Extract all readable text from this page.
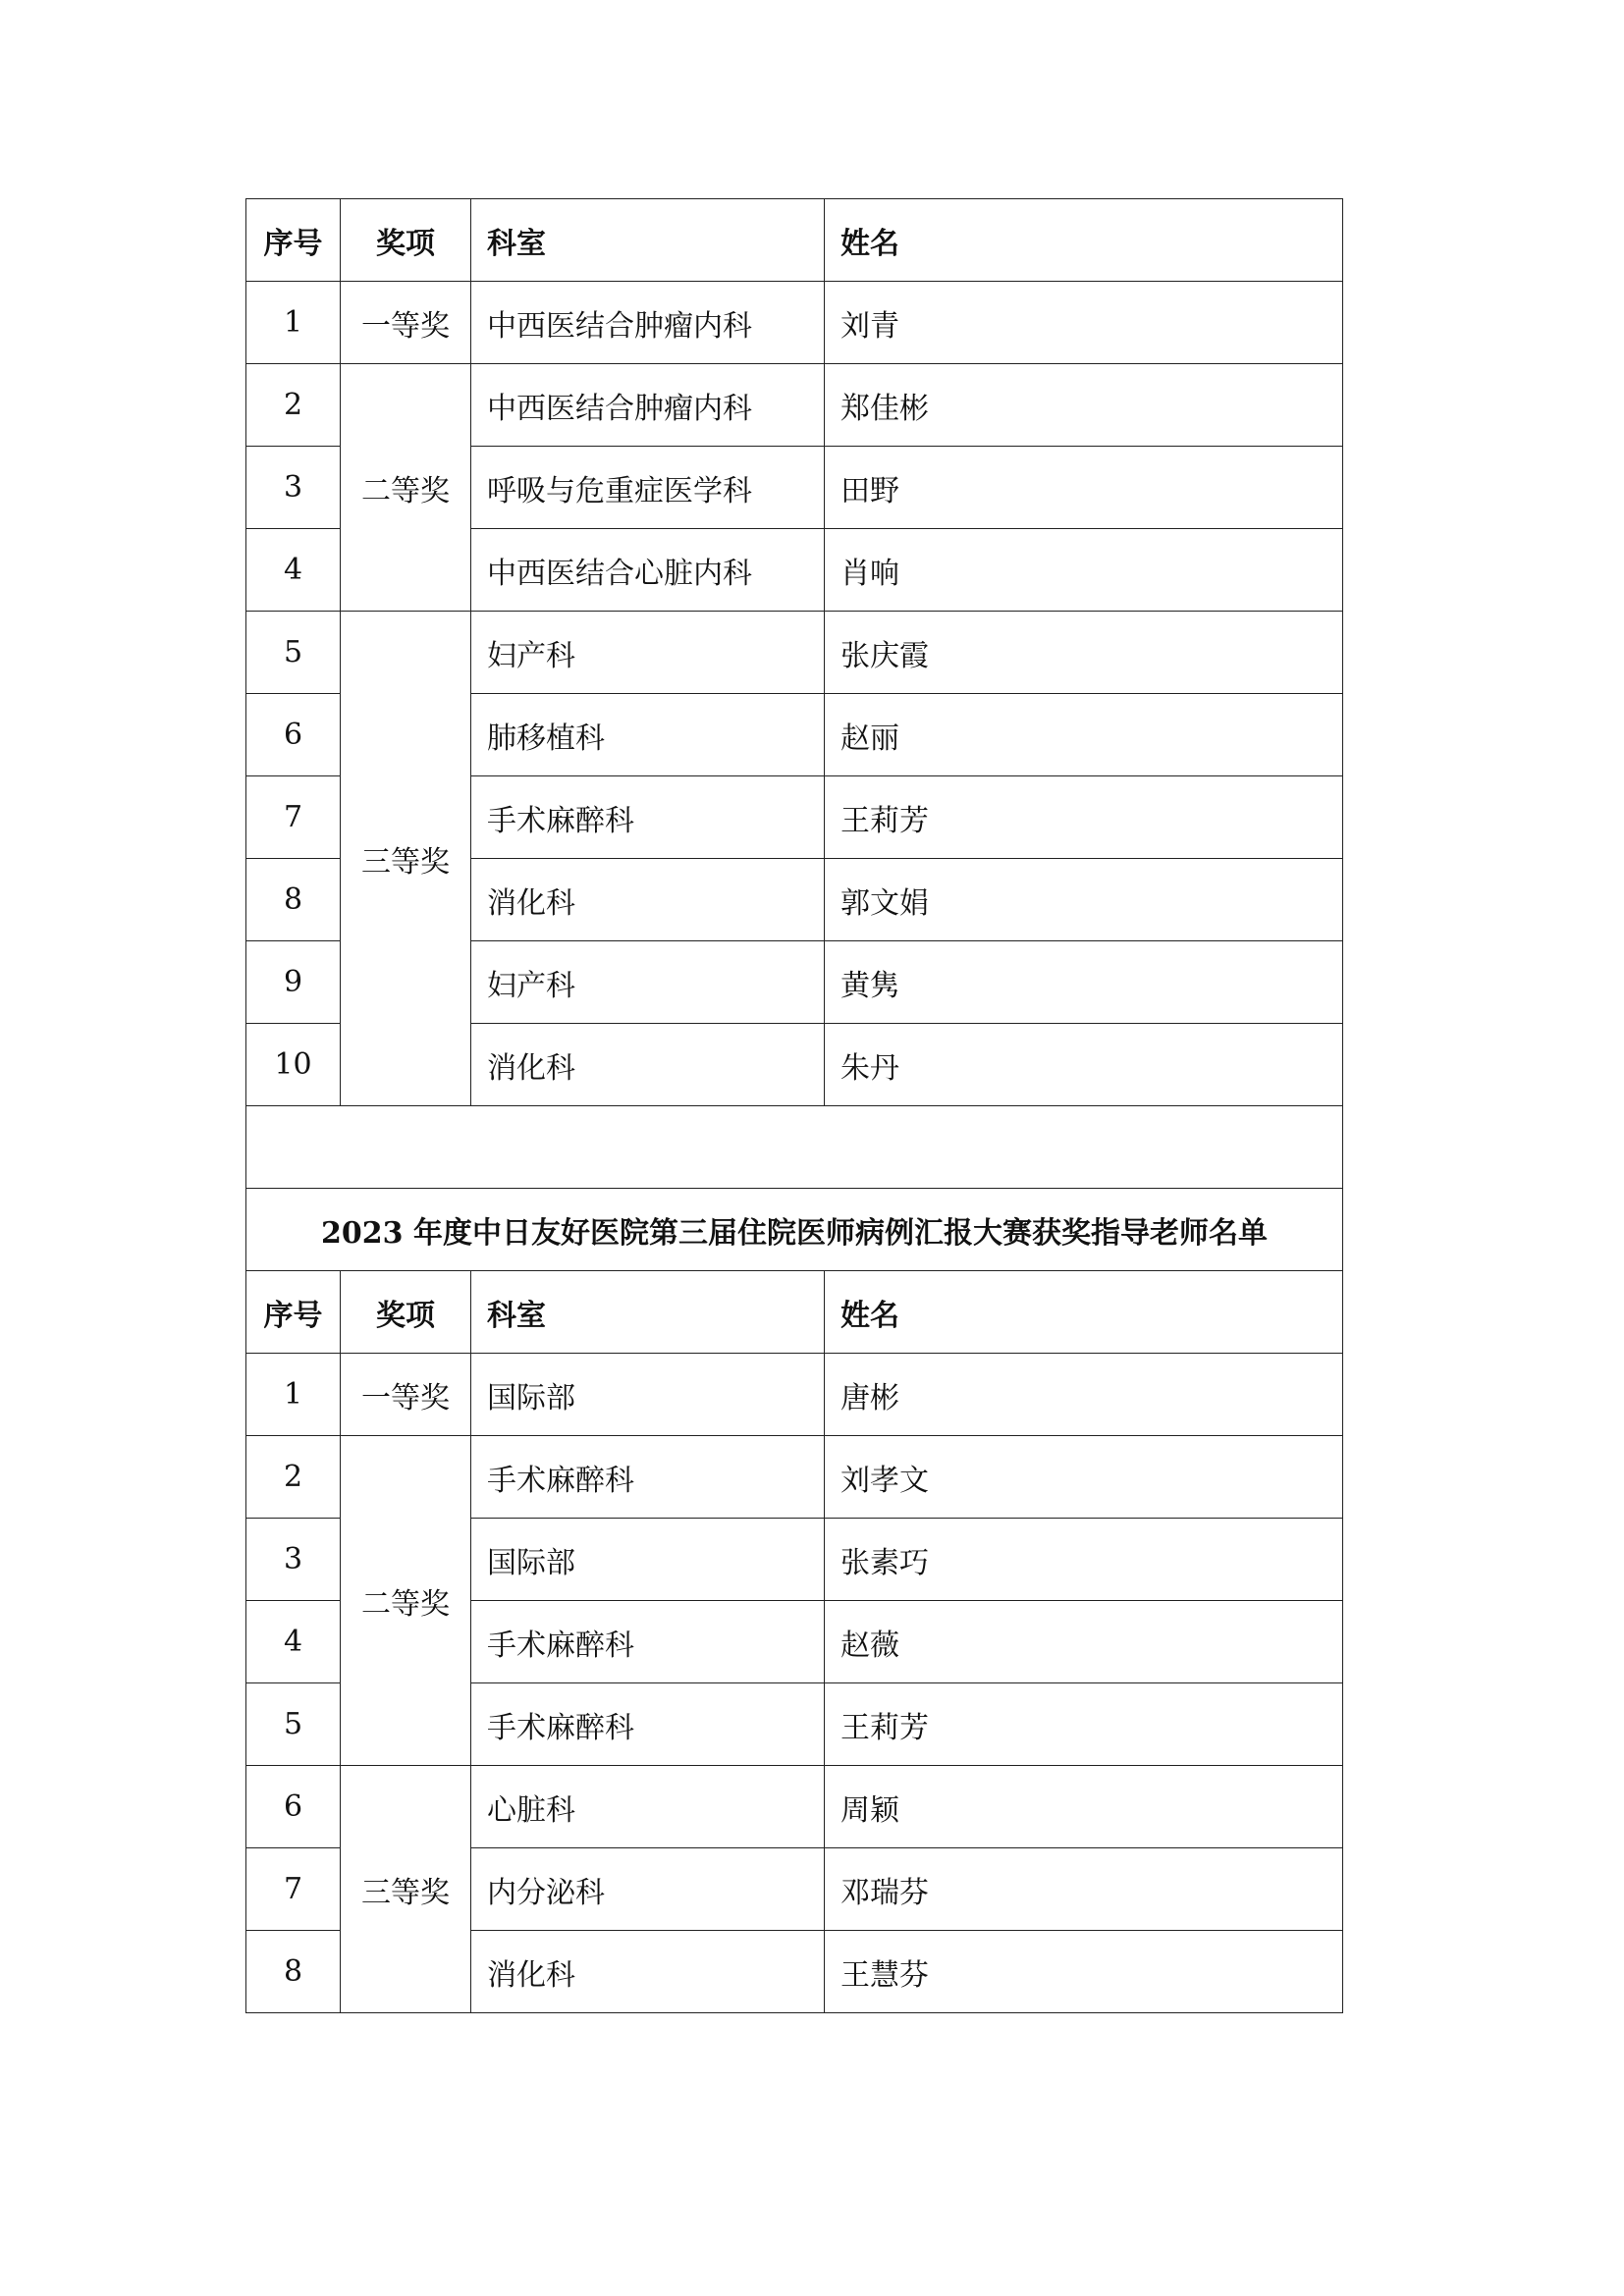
序号	奖项	科室	姓名
1	一等奖	中西医结合肿瘤内科	刘青
2	二等奖	中西医结合肿瘤内科	郑佳彬
3		呼吸与危重症医学科	田野
4		中西医结合心脏内科	肖响
5	三等奖	妇产科	张庆霞
6		肺移植科	赵丽
7		手术麻醉科	王莉芳
8		消化科	郭文娟
9		妇产科	黄隽
10		消化科	朱丹

2023 年度中日友好医院第三届住院医师病例汇报大赛获奖指导老师名单			
序号	奖项	科室	姓名
1	一等奖	国际部	唐彬
2	二等奖	手术麻醉科	刘孝文
3		国际部	张素巧
4		手术麻醉科	赵薇
5		手术麻醉科	王莉芳
6	三等奖	心脏科	周颖
7		内分泌科	邓瑞芬
8		消化科	王慧芬
